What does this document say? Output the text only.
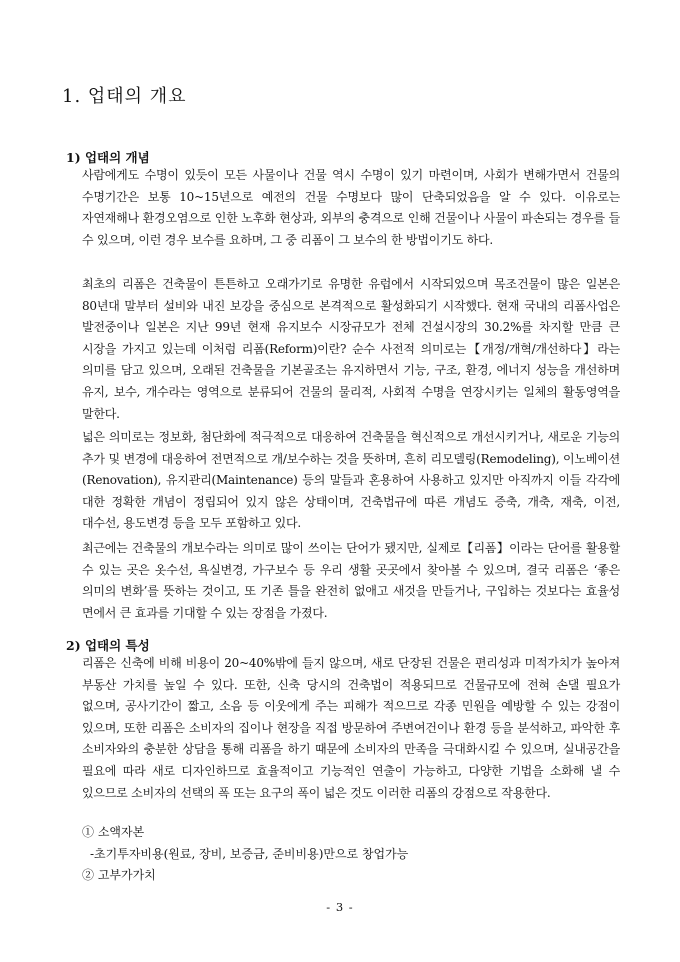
1. 업태의 개요
1) 업태의 개념

사람에게도 수명이 있듯이 모든 사물이나 건물 역시 수명이 있기 마련이며, 사회가 변해가면서 건물의 수명기간은 보통 10~15년으로 예전의 건물 수명보다 많이 단축되었음을 알 수 있다. 이유로는 자연재해나 환경오염으로 인한 노후화 현상과, 외부의 충격으로 인해 건물이나 사물이 파손되는 경우를 들 수 있으며, 이런 경우 보수를 요하며, 그 중 리폼이 그 보수의 한 방법이기도 하다.

최초의 리폼은 건축물이 튼튼하고 오래가기로 유명한 유럽에서 시작되었으며 목조건물이 많은 일본은 80년대 말부터 설비와 내진 보강을 중심으로 본격적으로 활성화되기 시작했다. 현재 국내의 리폼사업은 발전중이나 일본은 지난 99년 현재 유지보수 시장규모가 전체 건설시장의 30.2%를 차지할 만큼 큰 시장을 가지고 있는데 이처럼 리폼(Reform)이란? 순수 사전적 의미로는【개정/개혁/개선하다】라는 의미를 담고 있으며, 오래된 건축물을 기본골조는 유지하면서 기능, 구조, 환경, 에너지 성능을 개선하며 유지, 보수, 개수라는 영역으로 분류되어 건물의 물리적, 사회적 수명을 연장시키는 일체의 활동영역을 말한다.

넓은 의미로는 정보화, 첨단화에 적극적으로 대응하여 건축물을 혁신적으로 개선시키거나, 새로운 기능의 추가 및 변경에 대응하여 전면적으로 개/보수하는 것을 뜻하며, 흔히 리모델링(Remodeling), 이노베이션(Renovation), 유지관리(Maintenance) 등의 말들과 혼용하여 사용하고 있지만 아직까지 이들 각각에 대한 정확한 개념이 정립되어 있지 않은 상태이며, 건축법규에 따른 개념도 증축, 개축, 재축, 이전, 대수선, 용도변경 등을 모두 포함하고 있다.

최근에는 건축물의 개보수라는 의미로 많이 쓰이는 단어가 됐지만, 실제로【리폼】이라는 단어를 활용할 수 있는 곳은 옷수선, 욕실변경, 가구보수 등 우리 생활 곳곳에서 찾아볼 수 있으며, 결국 리폼은 ‘좋은 의미의 변화’를 뜻하는 것이고, 또 기존 틀을 완전히 없애고 새것을 만들거나, 구입하는 것보다는 효율성 면에서 큰 효과를 기대할 수 있는 장점을 가졌다.

2) 업태의 특성

리폼은 신축에 비해 비용이 20~40%밖에 들지 않으며, 새로 단장된 건물은 편리성과 미적가치가 높아져 부동산 가치를 높일 수 있다. 또한, 신축 당시의 건축법이 적용되므로 건물규모에 전혀 손댈 필요가 없으며, 공사기간이 짧고, 소음 등 이웃에게 주는 피해가 적으므로 각종 민원을 예방할 수 있는 강점이 있으며, 또한 리폼은 소비자의 집이나 현장을 직접 방문하여 주변여건이나 환경 등을 분석하고, 파악한 후 소비자와의 충분한 상담을 통해 리폼을 하기 때문에 소비자의 만족을 극대화시킬 수 있으며, 실내공간을 필요에 따라 새로 디자인하므로 효율적이고 기능적인 연출이 가능하고, 다양한 기법을 소화해 낼 수 있으므로 소비자의 선택의 폭 또는 요구의 폭이 넓은 것도 이러한 리폼의 강점으로 작용한다.

① 소액자본
-초기투자비용(원료, 장비, 보증금, 준비비용)만으로 창업가능
② 고부가가치
- 3 -
